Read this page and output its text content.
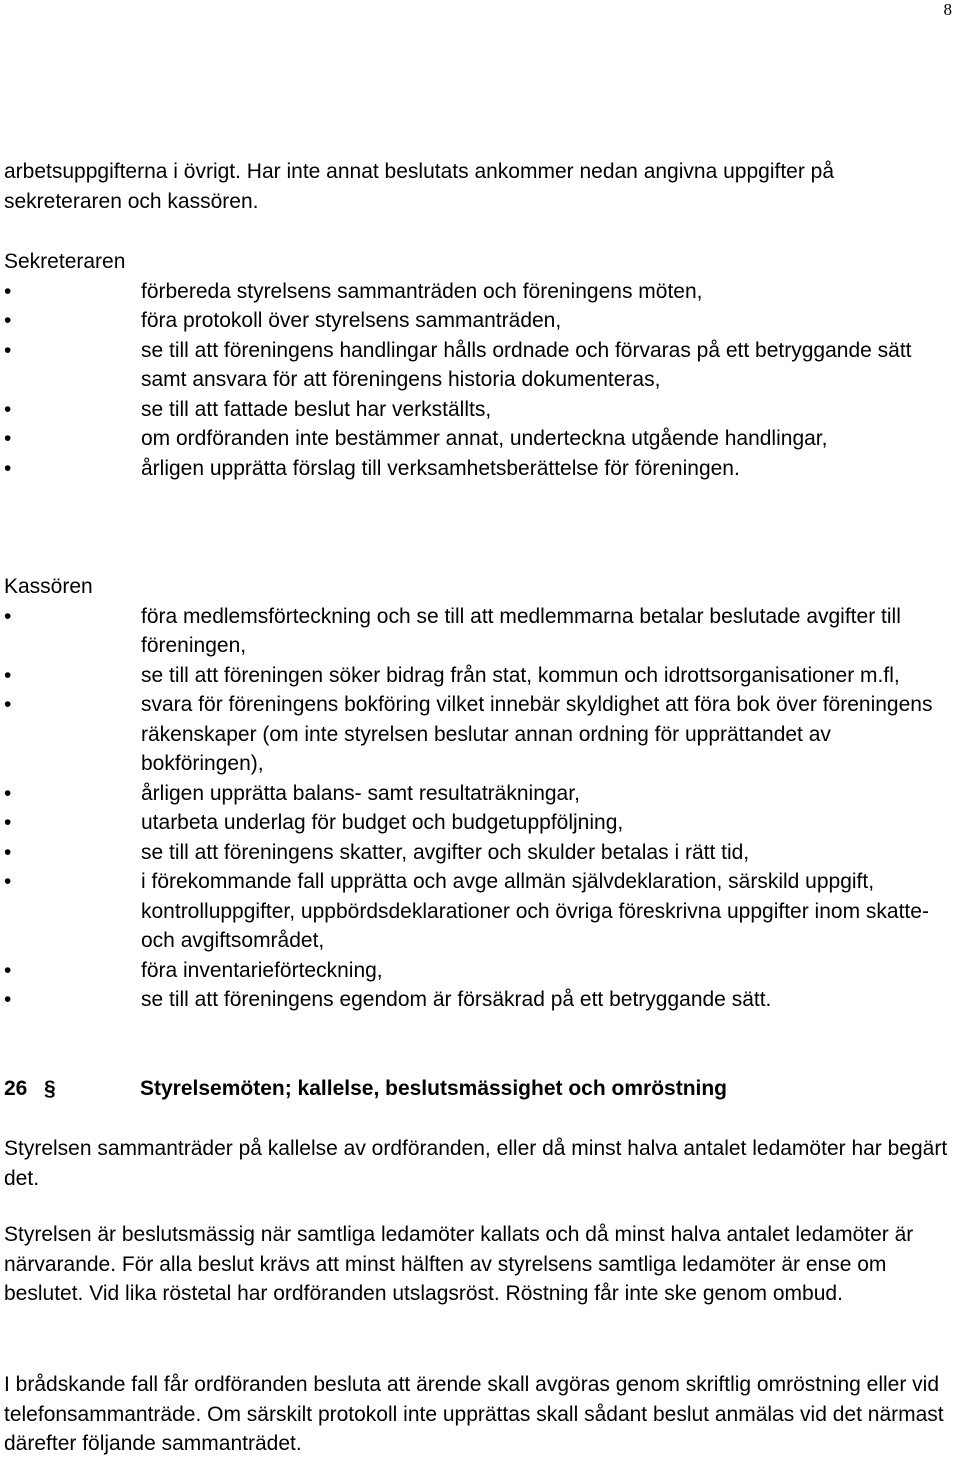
8

arbetsuppgifterna i övrigt. Har inte annat beslutats ankommer nedan angivna uppgifter på sekreteraren och kassören.

Sekreteraren

•	förbereda styrelsens sammanträden och föreningens möten,
•	föra protokoll över styrelsens sammanträden,
•	se till att föreningens handlingar hålls ordnade och förvaras på ett betryggande sätt samt ansvara för att föreningens historia dokumenteras,
•	se till att fattade beslut har verkställts,
•	om ordföranden inte bestämmer annat, underteckna utgående handlingar,
•	årligen upprätta förslag till verksamhetsberättelse för föreningen.

Kassören

•	föra medlemsförteckning och se till att medlemmarna betalar beslutade avgifter till föreningen,
•	se till att föreningen söker bidrag från stat, kommun och idrottsorganisationer m.fl,
•	svara för föreningens bokföring vilket innebär skyldighet att föra bok över föreningens räkenskaper (om inte styrelsen beslutar annan ordning för upprättandet av bokföringen),
•	årligen upprätta balans- samt resultaträkningar,
•	utarbeta underlag för budget och budgetuppföljning,
•	se till att föreningens skatter, avgifter och skulder betalas i rätt tid,
•	i förekommande fall upprätta och avge allmän självdeklaration, särskild uppgift, kontrolluppgifter, uppbördsdeklarationer och övriga föreskrivna uppgifter inom skatte- och avgiftsområdet,
•	föra inventarieförteckning,
•	se till att föreningens egendom är försäkrad på ett betryggande sätt.
26 §	Styrelsemöten; kallelse, beslutsmässighet och omröstning

Styrelsen sammanträder på kallelse av ordföranden, eller då minst halva antalet ledamöter har begärt det.

Styrelsen är beslutsmässig när samtliga ledamöter kallats och då minst halva antalet ledamöter är närvarande. För alla beslut krävs att minst hälften av styrelsens samtliga ledamöter är ense om beslutet. Vid lika röstetal har ordföranden utslagsröst. Röstning får inte ske genom ombud.

I brådskande fall får ordföranden besluta att ärende skall avgöras genom skriftlig omröstning eller vid telefonsammanträde. Om särskilt protokoll inte upprättas skall sådant beslut anmälas vid det närmast därefter följande sammanträdet.
